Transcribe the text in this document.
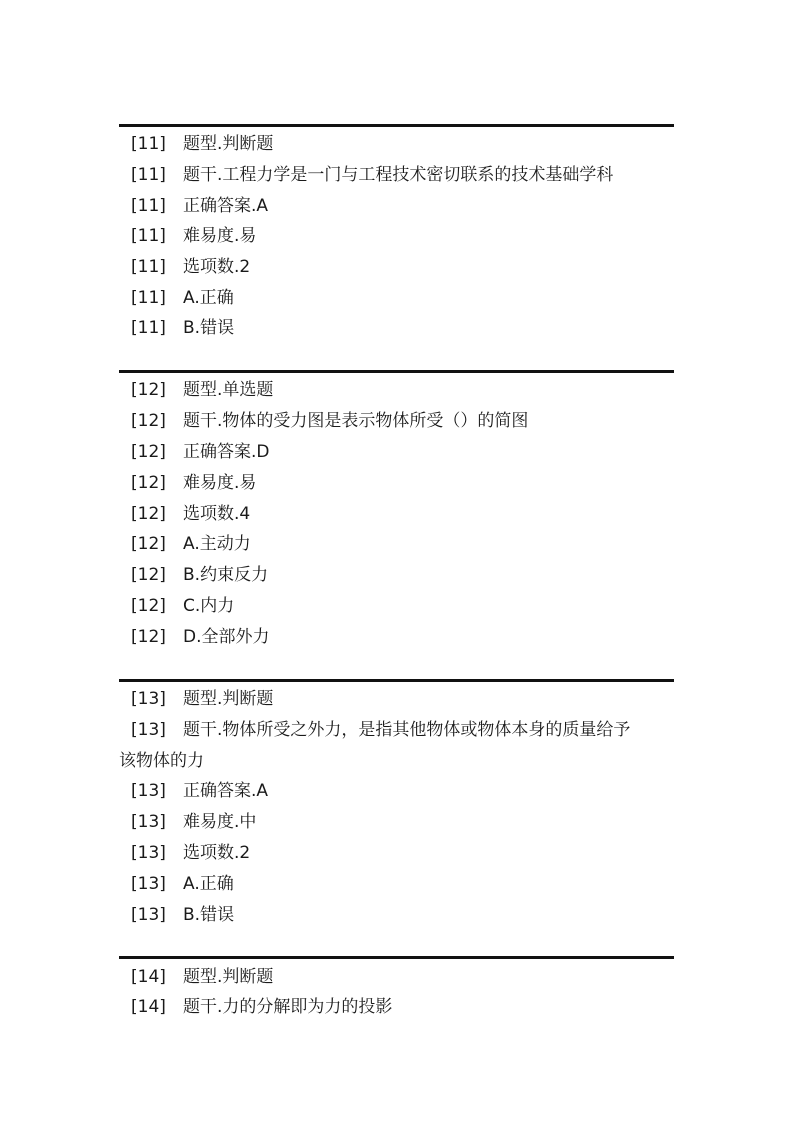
[11] 题型.判断题
[11] 题干.工程力学是一门与工程技术密切联系的技术基础学科
[11] 正确答案.A
[11] 难易度.易
[11] 选项数.2
[11] A.正确
[11] B.错误
[12] 题型.单选题
[12] 题干.物体的受力图是表示物体所受（）的简图
[12] 正确答案.D
[12] 难易度.易
[12] 选项数.4
[12] A.主动力
[12] B.约束反力
[12] C.内力
[12] D.全部外力
[13] 题型.判断题
[13] 题干.物体所受之外力，是指其他物体或物体本身的质量给予
该物体的力
[13] 正确答案.A
[13] 难易度.中
[13] 选项数.2
[13] A.正确
[13] B.错误
[14] 题型.判断题
[14] 题干.力的分解即为力的投影
